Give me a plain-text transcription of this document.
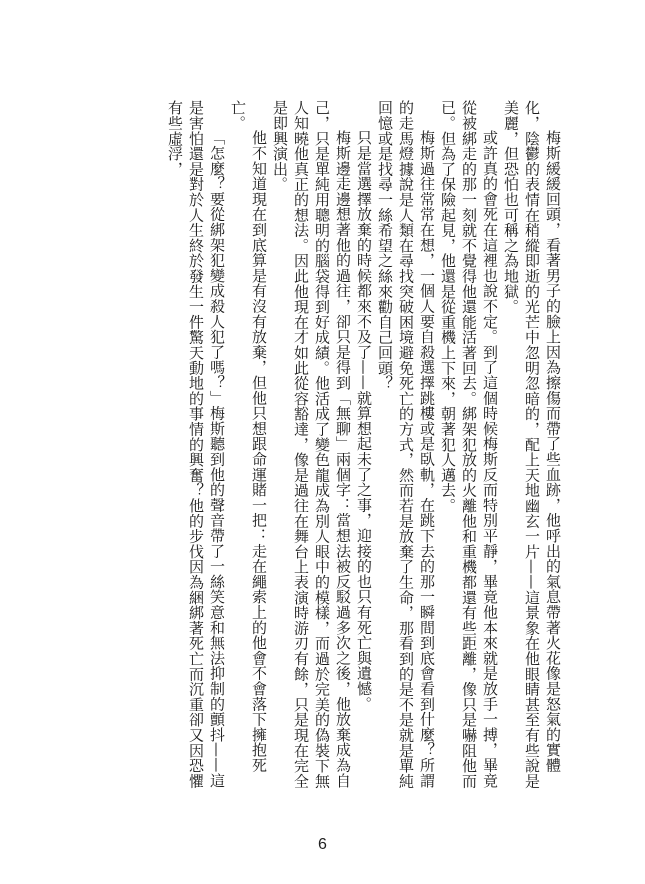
梅斯緩緩回頭，看著男子的臉上因為擦傷而帶了些血跡，他呼出的氣息帶著火花像是怒氣的實體化，陰鬱的表情在稍縱即逝的光芒中忽明忽暗的，配上天地幽玄一片——這景象在他眼睛甚至有些說是美麗，但恐怕也可稱之為地獄。

或許真的會死在這裡也說不定。到了這個時候梅斯反而特別平靜，畢竟他本來就是放手一搏，畢竟從被綁走的那一刻就不覺得他還能活著回去。綁架犯放的火離他和重機都還有些距離，像只是嚇阻他而已。但為了保險起見，他還是從重機上下來，朝著犯人邁去。

梅斯過往常常在想，一個人要自殺選擇跳樓或是臥軌，在跳下去的那一瞬間到底會看到什麼？所謂的走馬燈據說是人類在尋找突破困境避免死亡的方式，然而若是放棄了生命，那看到的是不是就是單純回憶或是找尋一絲希望之絲來勸自己回頭？

只是當選擇放棄的時候都來不及了——就算想起未了之事，迎接的也只有死亡與遺憾。

梅斯邊走邊想著他的過往，卻只是得到「無聊」兩個字：當想法被反駁過多次之後，他放棄成為自己，只是單純用聰明的腦袋得到好成績。他活成了變色龍成為別人眼中的模樣，而過於完美的偽裝下無人知曉他真正的想法。因此他現在才如此從容豁達，像是過往在舞台上表演時游刃有餘，只是現在完全是即興演出。

他不知道現在到底算是有沒有放棄，但他只想跟命運賭一把：走在繩索上的他會不會落下擁抱死亡。

「怎麼？要從綁架犯變成殺人犯了嗎？」梅斯聽到他的聲音帶了一絲笑意和無法抑制的顫抖——這是害怕還是對於人生終於發生一件驚天動地的事情的興奮？他的步伐因為綑綁著死亡而沉重卻又因恐懼有些虛浮，

6
